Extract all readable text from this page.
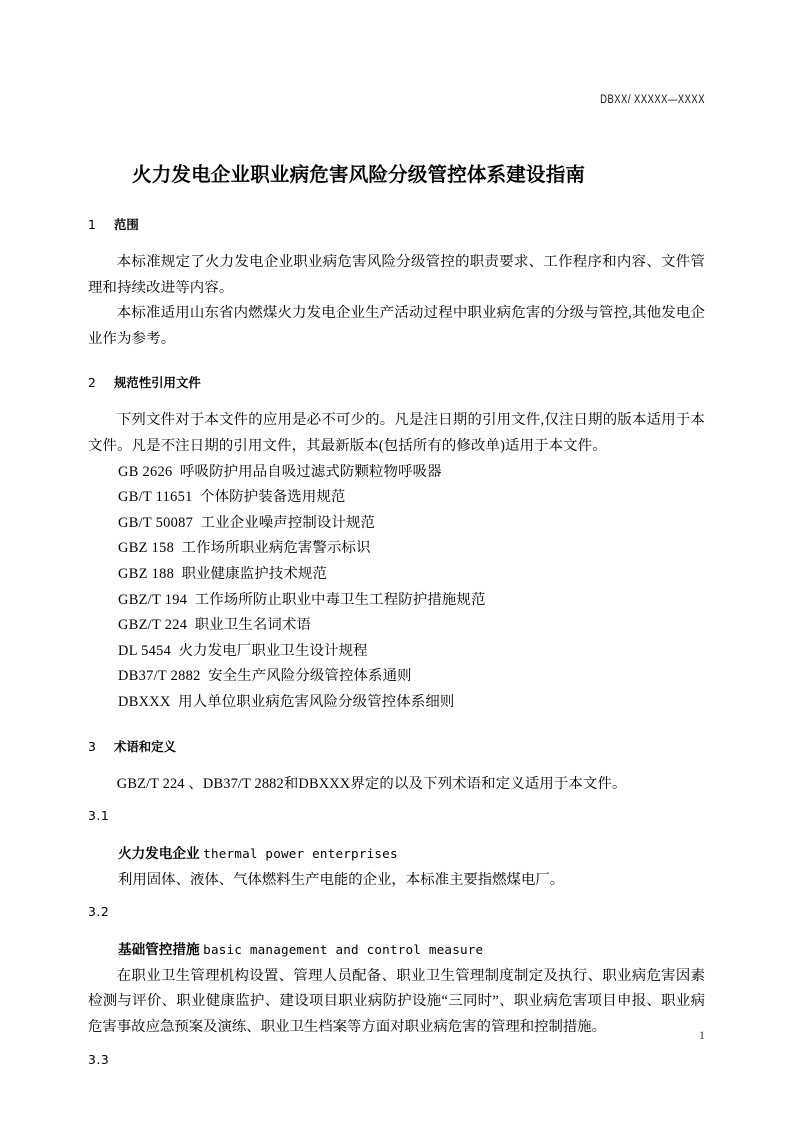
DBXX/ XXXXX—XXXX
火力发电企业职业病危害风险分级管控体系建设指南
1 范围

本标准规定了火力发电企业职业病危害风险分级管控的职责要求、工作程序和内容、文件管理和持续改进等内容。

本标准适用山东省内燃煤火力发电企业生产活动过程中职业病危害的分级与管控,其他发电企业作为参考。

2 规范性引用文件

下列文件对于本文件的应用是必不可少的。凡是注日期的引用文件,仅注日期的版本适用于本文件。凡是不注日期的引用文件，其最新版本(包括所有的修改单)适用于本文件。

GB 2626 呼吸防护用品自吸过滤式防颗粒物呼吸器
GB/T 11651 个体防护装备选用规范
GB/T 50087 工业企业噪声控制设计规范
GBZ 158 工作场所职业病危害警示标识
GBZ 188 职业健康监护技术规范
GBZ/T 194 工作场所防止职业中毒卫生工程防护措施规范
GBZ/T 224 职业卫生名词术语
DL 5454 火力发电厂职业卫生设计规程
DB37/T 2882 安全生产风险分级管控体系通则
DBXXX 用人单位职业病危害风险分级管控体系细则
3 术语和定义

GBZ/T 224 、DB37/T 2882和DBXXX界定的以及下列术语和定义适用于本文件。

3.1
火力发电企业 thermal power enterprises

利用固体、液体、气体燃料生产电能的企业，本标准主要指燃煤电厂。

3.2
基础管控措施 basic management and control measure

在职业卫生管理机构设置、管理人员配备、职业卫生管理制度制定及执行、职业病危害因素检测与评价、职业健康监护、建设项目职业病防护设施“三同时”、职业病危害项目申报、职业病危害事故应急预案及演练、职业卫生档案等方面对职业病危害的管理和控制措施。

3.3
1
